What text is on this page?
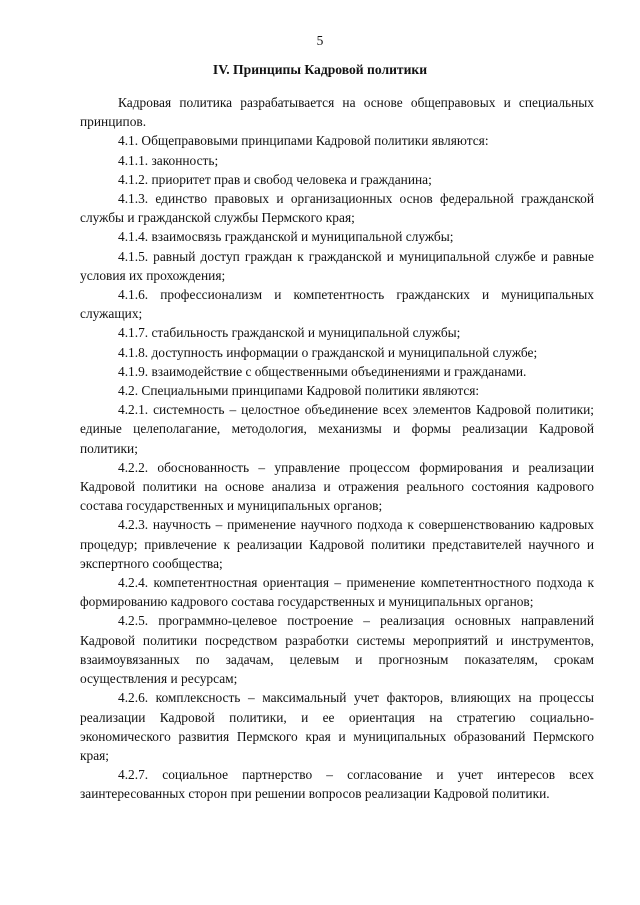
5
IV. Принципы Кадровой политики

Кадровая политика разрабатывается на основе общеправовых и специальных принципов.

4.1. Общеправовыми принципами Кадровой политики являются:

4.1.1. законность;

4.1.2. приоритет прав и свобод человека и гражданина;

4.1.3. единство правовых и организационных основ федеральной гражданской службы и гражданской службы Пермского края;

4.1.4. взаимосвязь гражданской и муниципальной службы;

4.1.5. равный доступ граждан к гражданской и муниципальной службе и равные условия их прохождения;

4.1.6. профессионализм и компетентность гражданских и муниципальных служащих;

4.1.7. стабильность гражданской и муниципальной службы;

4.1.8. доступность информации о гражданской и муниципальной службе;

4.1.9. взаимодействие с общественными объединениями и гражданами.

4.2. Специальными принципами Кадровой политики являются:

4.2.1. системность – целостное объединение всех элементов Кадровой политики; единые целеполагание, методология, механизмы и формы реализации Кадровой политики;

4.2.2. обоснованность – управление процессом формирования и реализации Кадровой политики на основе анализа и отражения реального состояния кадрового состава государственных и муниципальных органов;

4.2.3. научность – применение научного подхода к совершенствованию кадровых процедур; привлечение к реализации Кадровой политики представителей научного и экспертного сообщества;

4.2.4. компетентностная ориентация – применение компетентностного подхода к формированию кадрового состава государственных и муниципальных органов;

4.2.5. программно-целевое построение – реализация основных направлений Кадровой политики посредством разработки системы мероприятий и инструментов, взаимоувязанных по задачам, целевым и прогнозным показателям, срокам осуществления и ресурсам;

4.2.6. комплексность – максимальный учет факторов, влияющих на процессы реализации Кадровой политики, и ее ориентация на стратегию социально-экономического развития Пермского края и муниципальных образований Пермского края;

4.2.7. социальное партнерство – согласование и учет интересов всех заинтересованных сторон при решении вопросов реализации Кадровой политики.
